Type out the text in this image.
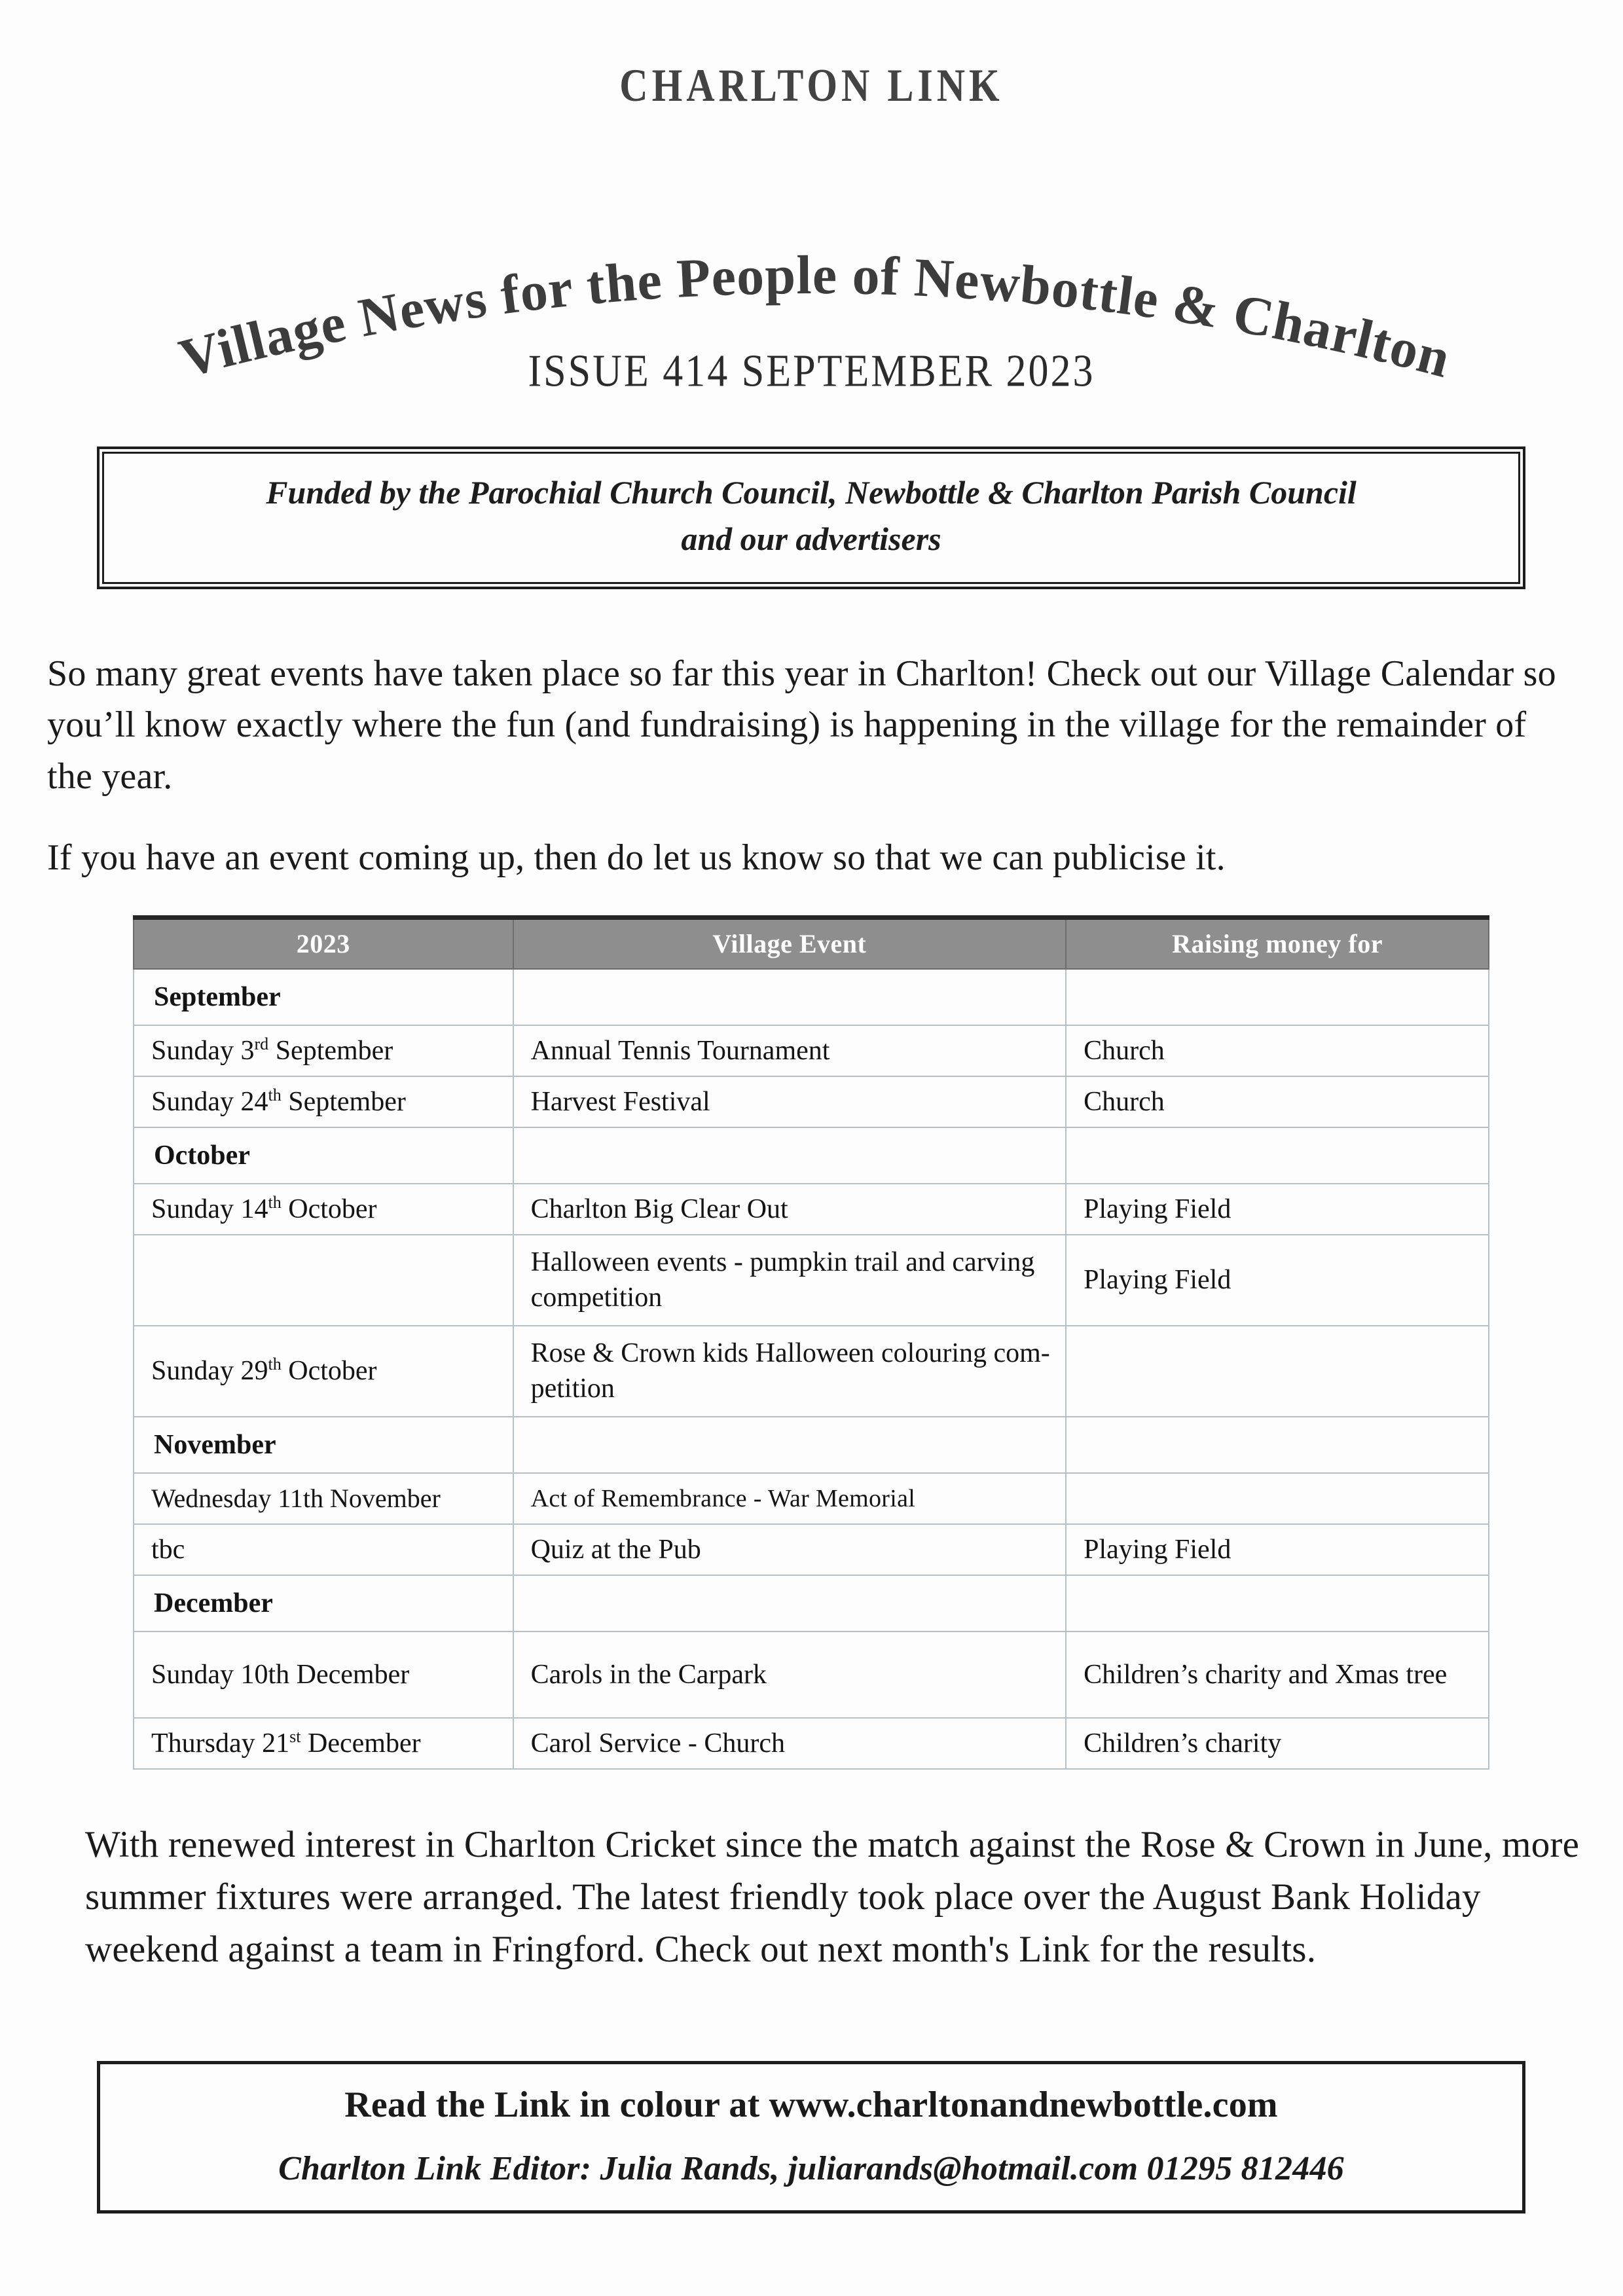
CHARLTON LINK
Village News for the People of Newbottle & Charlton
ISSUE 414 SEPTEMBER 2023
Funded by the Parochial Church Council, Newbottle & Charlton Parish Council
and our advertisers

So many great events have taken place so far this year in Charlton! Check out our Village Calendar so you’ll know exactly where the fun (and fundraising) is happening in the village for the remainder of the year.

If you have an event coming up, then do let us know so that we can publicise it.

2023	Village Event	Raising money for
September		
Sunday 3rd September	Annual Tennis Tournament	Church
Sunday 24th September	Harvest Festival	Church
October		
Sunday 14th October	Charlton Big Clear Out	Playing Field
	Halloween events - pumpkin trail and carving competition	Playing Field
Sunday 29th October	Rose & Crown kids Halloween colouring com-petition	
November		
Wednesday 11th November	Act of Remembrance - War Memorial	
tbc	Quiz at the Pub	Playing Field
December		
Sunday 10th December	Carols in the Carpark	Children’s charity and Xmas tree
Thursday 21st December	Carol Service - Church	Children’s charity

With renewed interest in Charlton Cricket since the match against the Rose & Crown in June, more summer fixtures were arranged. The latest friendly took place over the August Bank Holiday weekend against a team in Fringford. Check out next month's Link for the results.

Read the Link in colour at www.charltonandnewbottle.com
Charlton Link Editor: Julia Rands, juliarands@hotmail.com 01295 812446
